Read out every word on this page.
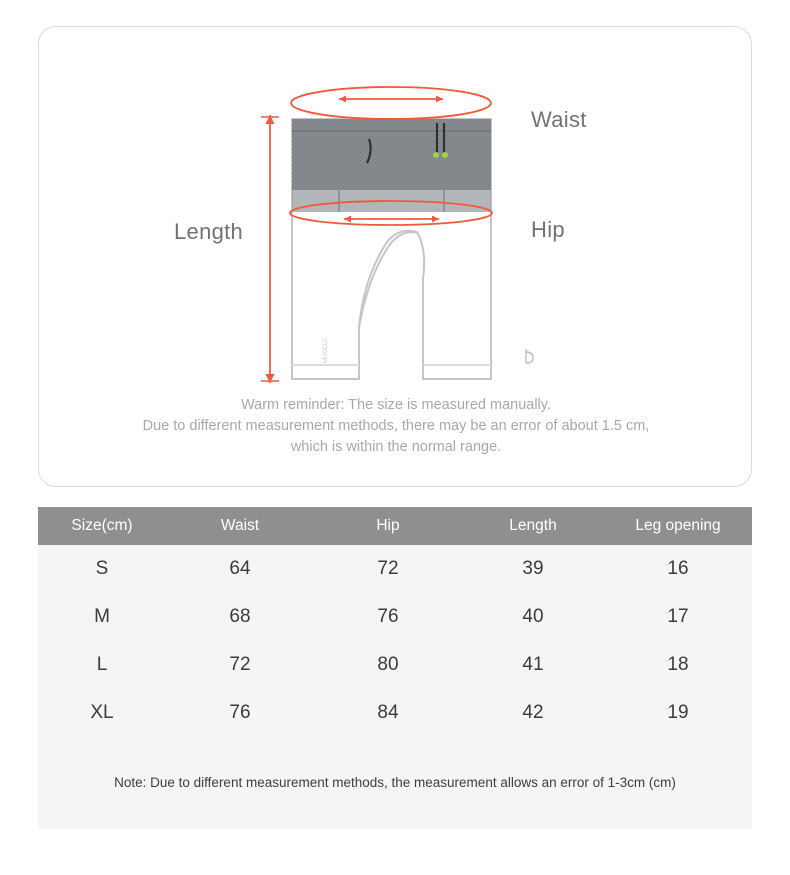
MUSCLE
Waist
Hip
Length
Warm reminder: The size is measured manually.
Due to different measurement methods, there may be an error of about 1.5 cm,
which is within the normal range.
Size(cm)	Waist	Hip	Length	Leg opening
S	64	72	39	16
M	68	76	40	17
L	72	80	41	18
XL	76	84	42	19
Note: Due to different measurement methods, the measurement allows an error of 1-3cm (cm)
